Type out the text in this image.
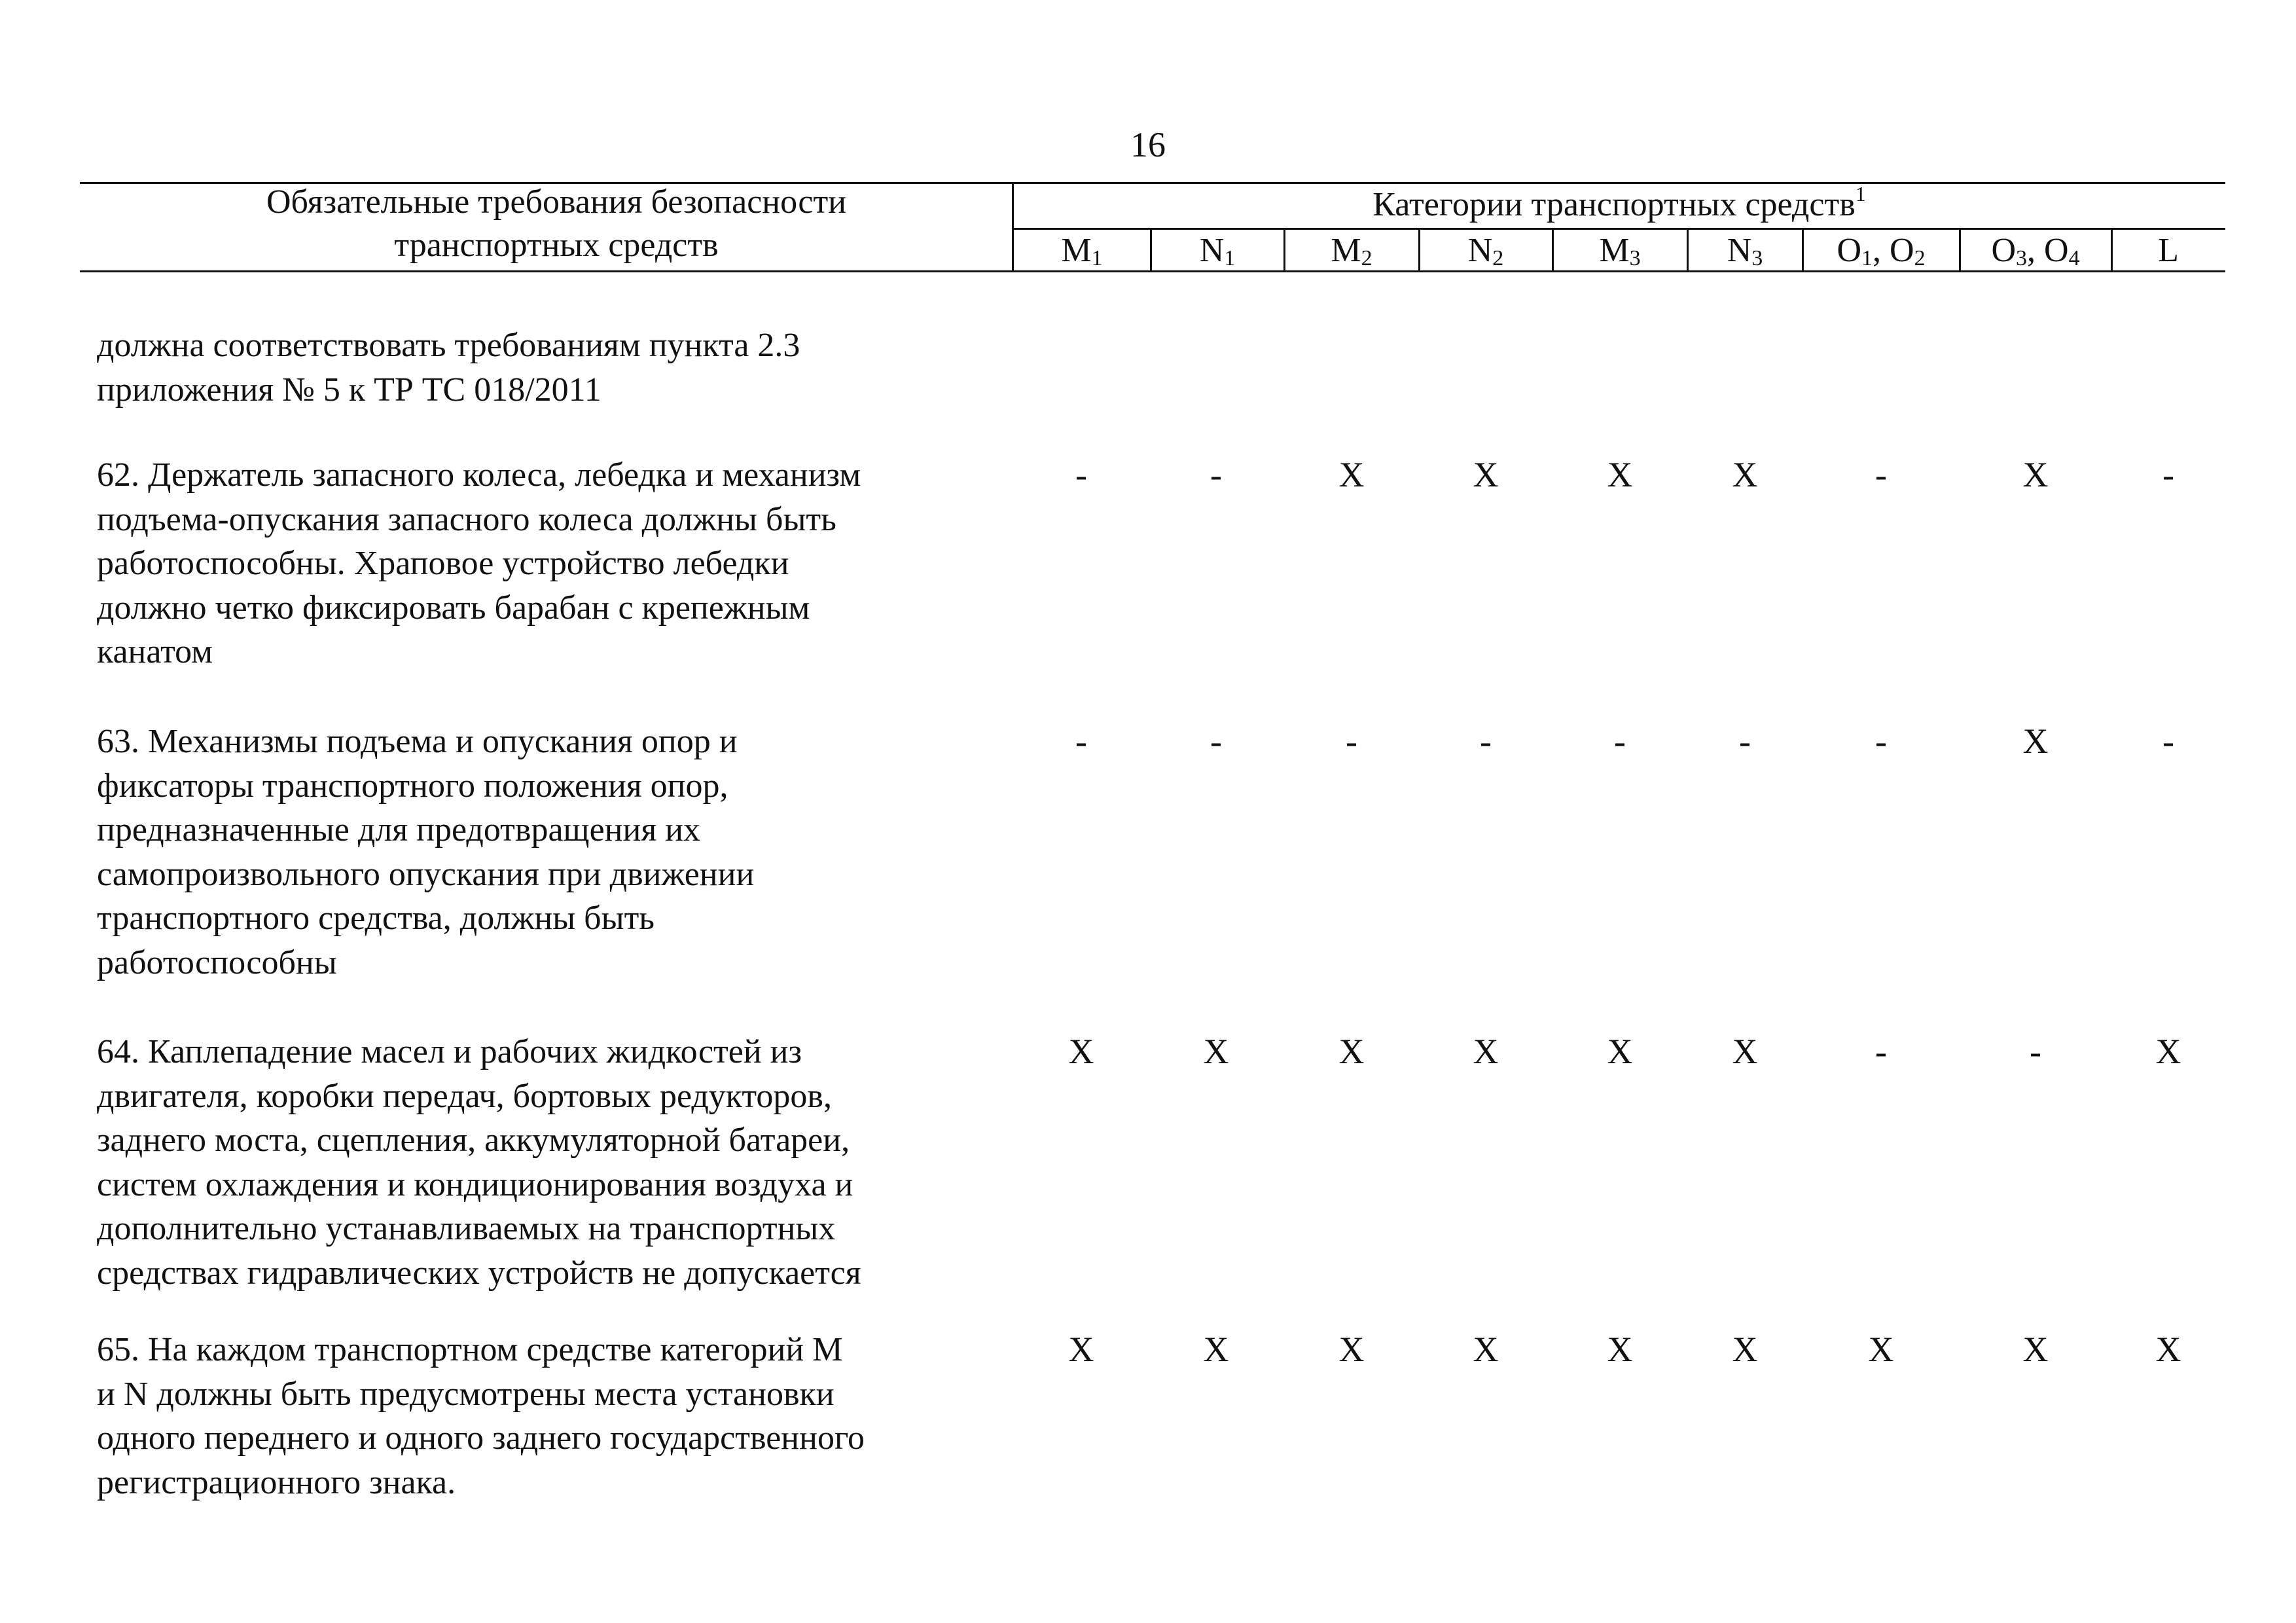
16
Обязательные требования безопасности
транспортных средств
Категории транспортных средств$^1$
$M_1$	$N_1$	$M_2$	$N_2$	$M_3$	$N_3$	$O_1$, $O_2$	$O_3$, $O_4$	L
должна соответствовать требованиям пункта 2.3
приложения № 5 к ТР ТС 018/2011
62. Держатель запасного колеса, лебедка и механизм
подъема-опускания запасного колеса должны быть
работоспособны. Храповое устройство лебедки
должно четко фиксировать барабан с крепежным
канатом
-	-	X	X	X	X	-	X	-
63. Механизмы подъема и опускания опор и
фиксаторы транспортного положения опор,
предназначенные для предотвращения их
самопроизвольного опускания при движении
транспортного средства, должны быть
работоспособны
-	-	-	-	-	-	-	X	-
64. Каплепадение масел и рабочих жидкостей из
двигателя, коробки передач, бортовых редукторов,
заднего моста, сцепления, аккумуляторной батареи,
систем охлаждения и кондиционирования воздуха и
дополнительно устанавливаемых на транспортных
средствах гидравлических устройств не допускается
X	X	X	X	X	X	-	-	X
65. На каждом транспортном средстве категорий M
и N должны быть предусмотрены места установки
одного переднего и одного заднего государственного
регистрационного знака.
X	X	X	X	X	X	X	X	X
